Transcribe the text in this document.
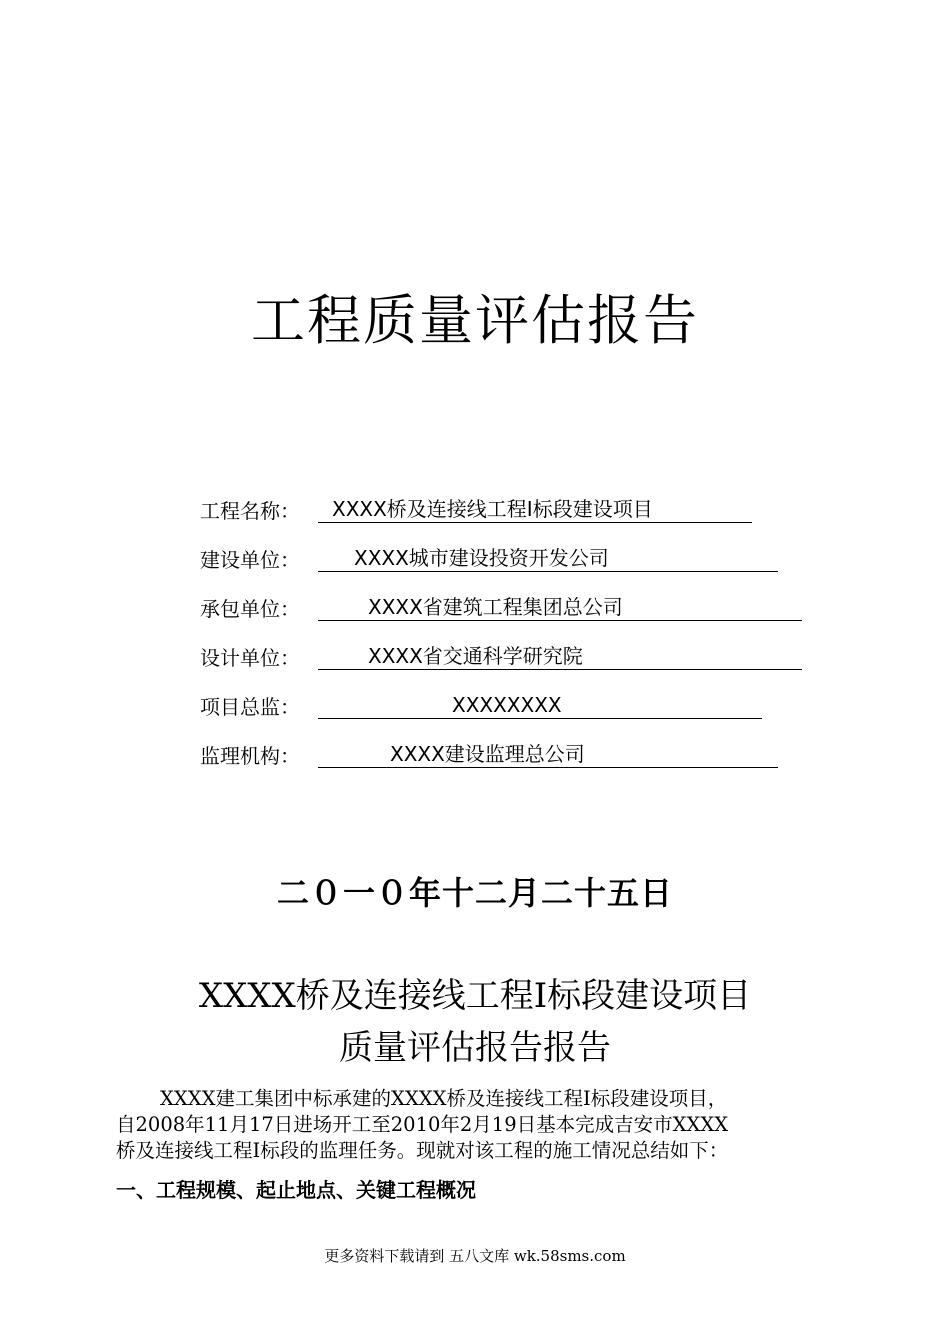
工程质量评估报告
工程名称： XXXX桥及连接线工程Ⅰ标段建设项目
建设单位：	XXXX城市建设投资开发公司
承包单位：	XXXX省建筑工程集团总公司
设计单位：	XXXX省交通科学研究院
项目总监：	XXXXXXXX
监理机构：	XXXX建设监理总公司
二０一０年十二月二十五日
XXXX桥及连接线工程Ⅰ标段建设项目
质量评估报告报告
XXXX建工集团中标承建的XXXX桥及连接线工程Ⅰ标段建设项目，
自2008年11月17日进场开工至2010年2月19日基本完成吉安市XXXX
桥及连接线工程Ⅰ标段的监理任务。现就对该工程的施工情况总结如下：
一、工程规模、起止地点、关键工程概况
更多资料下载请到 五八文库 wk.58sms.com
